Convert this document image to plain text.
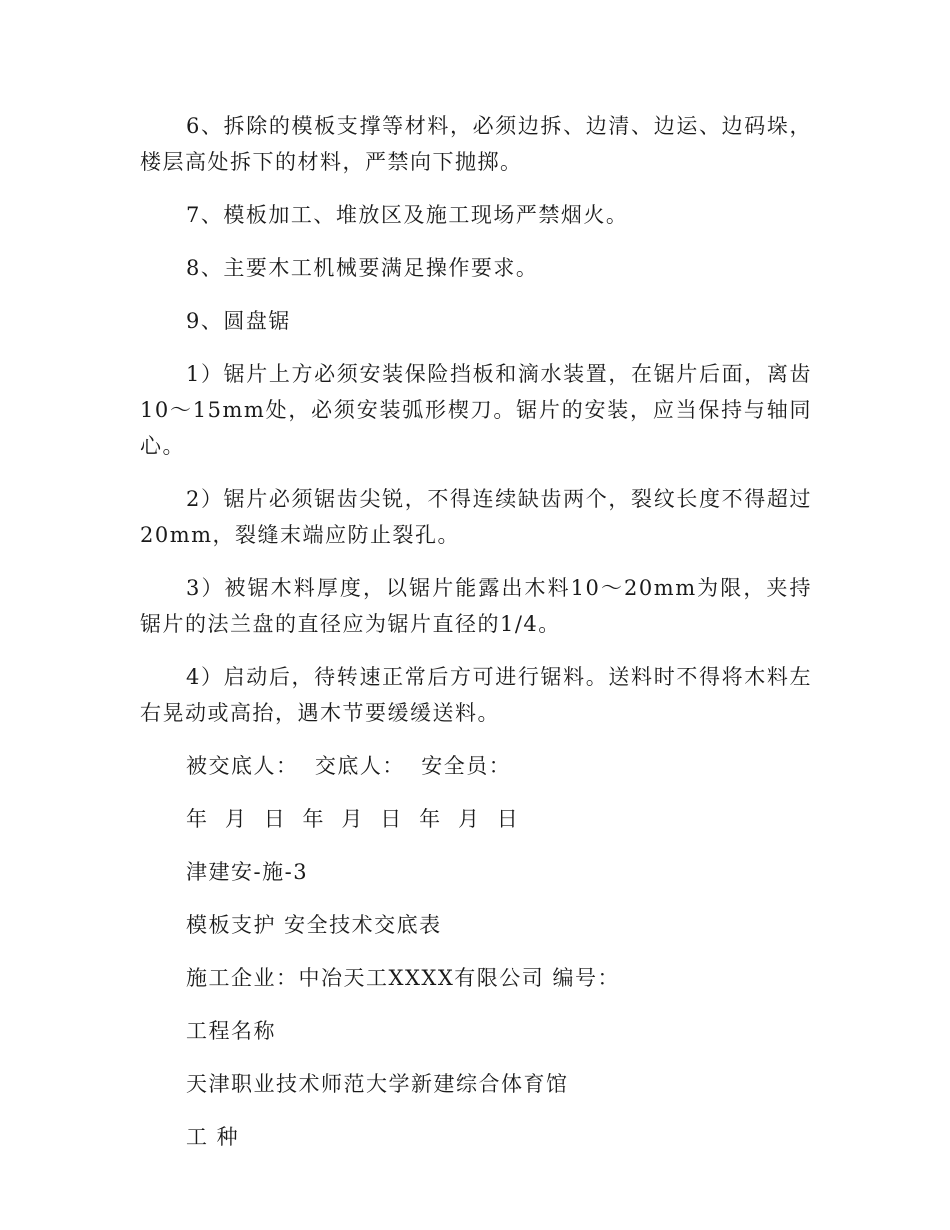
6、拆除的模板支撑等材料，必须边拆、边清、边运、边码垛，楼层高处拆下的材料，严禁向下抛掷。

7、模板加工、堆放区及施工现场严禁烟火。

8、主要木工机械要满足操作要求。

9、圆盘锯

1）锯片上方必须安装保险挡板和滴水装置，在锯片后面，离齿10～15mm处，必须安装弧形楔刀。锯片的安装，应当保持与轴同心。

2）锯片必须锯齿尖锐，不得连续缺齿两个，裂纹长度不得超过20mm，裂缝末端应防止裂孔。

3）被锯木料厚度，以锯片能露出木料10～20mm为限，夹持锯片的法兰盘的直径应为锯片直径的1/4。

4）启动后，待转速正常后方可进行锯料。送料时不得将木料左右晃动或高抬，遇木节要缓缓送料。

被交底人：  交底人：  安全员：

年  月  日  年  月  日  年  月  日

津建安-施-3

模板支护 安全技术交底表

施工企业：中冶天工XXXX有限公司 编号：

工程名称

天津职业技术师范大学新建综合体育馆

工 种
